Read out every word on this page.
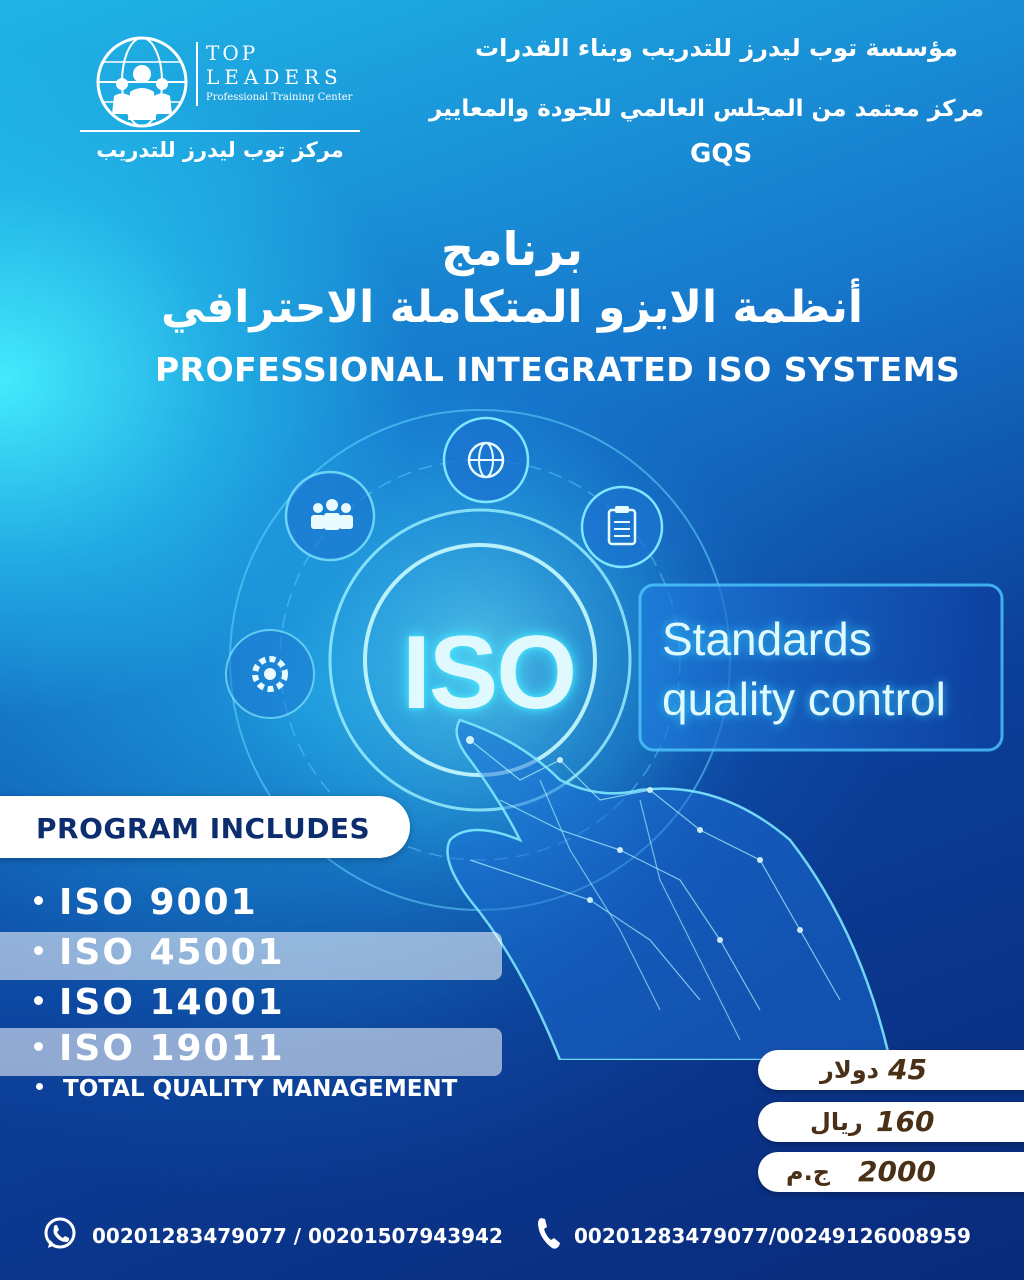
TOP
LEADERS
Professional Training Center
مركز توب ليدرز للتدريب
مؤسسة توب ليدرز للتدريب وبناء القدرات
مركز معتمد من المجلس العالمي للجودة والمعايير
GQS
برنامج
أنظمة الايزو المتكاملة الاحترافي
PROFESSIONAL INTEGRATED ISO SYSTEMS
ISO	Standards
quality control
PROGRAM INCLUDES
ISO 9001
ISO 45001
ISO 14001
ISO 19011
TOTAL QUALITY MANAGEMENT
دولار 45
ريال 160
ج.م 2000
00201283479077 / 00201507943942	00201283479077/00249126008959
